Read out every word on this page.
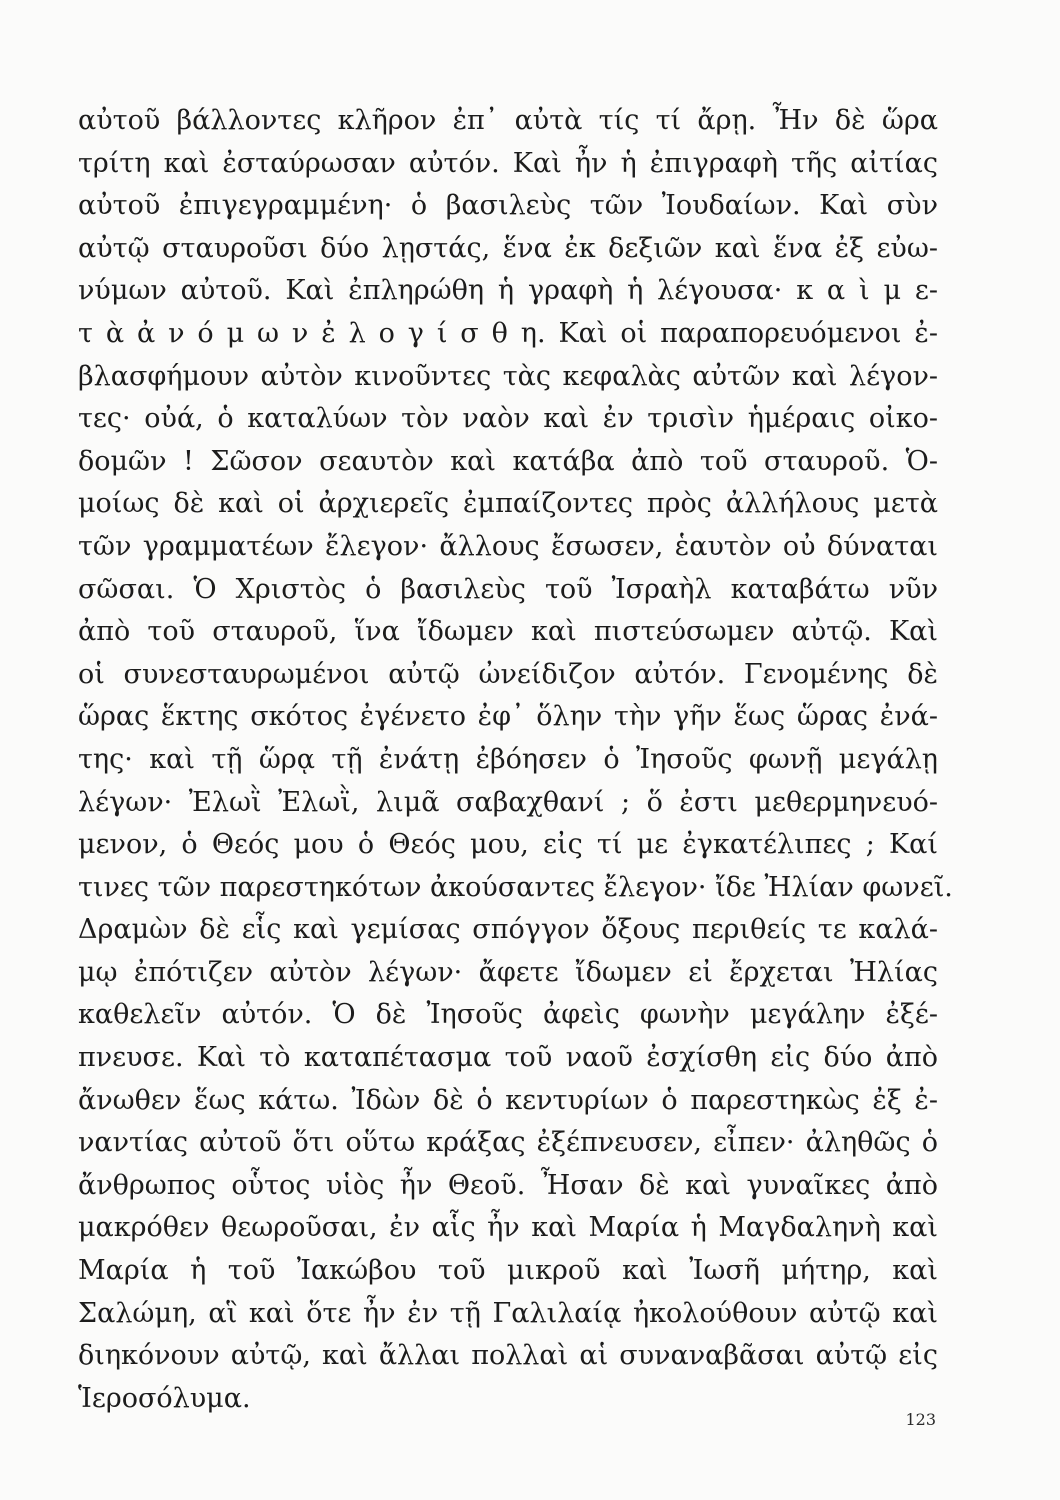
αὐτοῦ βάλλοντες κλῆρον ἐπ᾽ αὐτὰ τίς τί ἄρῃ. Ἦν δὲ ὥρα
τρίτη καὶ ἐσταύρωσαν αὐτόν. Καὶ ἦν ἡ ἐπιγραφὴ τῆς αἰτίας
αὐτοῦ ἐπιγεγραμμένη· ὁ βασιλεὺς τῶν Ἰουδαίων. Καὶ σὺν
αὐτῷ σταυροῦσι δύο λῃστάς, ἕνα ἐκ δεξιῶν καὶ ἕνα ἐξ εὐω-
νύμων αὐτοῦ. Καὶ ἐπληρώθη ἡ γραφὴ ἡ λέγουσα· κ α ὶ μ ε-
τ ὰ ἀ ν ό μ ω ν ἐ λ ο γ ί σ θ η. Καὶ οἱ παραπορευόμενοι ἐ-
βλασφήμουν αὐτὸν κινοῦντες τὰς κεφαλὰς αὐτῶν καὶ λέγον-
τες· οὐά, ὁ καταλύων τὸν ναὸν καὶ ἐν τρισὶν ἡμέραις οἰκο-
δομῶν ! Σῶσον σεαυτὸν καὶ κατάβα ἀπὸ τοῦ σταυροῦ. Ὁ-
μοίως δὲ καὶ οἱ ἀρχιερεῖς ἐμπαίζοντες πρὸς ἀλλήλους μετὰ
τῶν γραμματέων ἔλεγον· ἄλλους ἔσωσεν, ἑαυτὸν οὐ δύναται
σῶσαι. Ὁ Χριστὸς ὁ βασιλεὺς τοῦ Ἰσραὴλ καταβάτω νῦν
ἀπὸ τοῦ σταυροῦ, ἵνα ἴδωμεν καὶ πιστεύσωμεν αὐτῷ. Καὶ
οἱ συνεσταυρωμένοι αὐτῷ ὠνείδιζον αὐτόν. Γενομένης δὲ
ὥρας ἕκτης σκότος ἐγένετο ἐφ᾽ ὅλην τὴν γῆν ἕως ὥρας ἐνά-
της· καὶ τῇ ὥρᾳ τῇ ἐνάτῃ ἐβόησεν ὁ Ἰησοῦς φωνῇ μεγάλῃ
λέγων· Ἐλωῒ Ἐλωῒ, λιμᾶ σαβαχθανί ; ὅ ἐστι μεθερμηνευό-
μενον, ὁ Θεός μου ὁ Θεός μου, εἰς τί με ἐγκατέλιπες ; Καί
τινες τῶν παρεστηκότων ἀκούσαντες ἔλεγον· ἴδε Ἠλίαν φωνεῖ.
Δραμὼν δὲ εἷς καὶ γεμίσας σπόγγον ὄξους περιθείς τε καλά-
μῳ ἐπότιζεν αὐτὸν λέγων· ἄφετε ἴδωμεν εἰ ἔρχεται Ἠλίας
καθελεῖν αὐτόν. Ὁ δὲ Ἰησοῦς ἀφεὶς φωνὴν μεγάλην ἐξέ-
πνευσε. Καὶ τὸ καταπέτασμα τοῦ ναοῦ ἐσχίσθη εἰς δύο ἀπὸ
ἄνωθεν ἕως κάτω. Ἰδὼν δὲ ὁ κεντυρίων ὁ παρεστηκὼς ἐξ ἐ-
ναντίας αὐτοῦ ὅτι οὕτω κράξας ἐξέπνευσεν, εἶπεν· ἀληθῶς ὁ
ἄνθρωπος οὗτος υἱὸς ἦν Θεοῦ. Ἦσαν δὲ καὶ γυναῖκες ἀπὸ
μακρόθεν θεωροῦσαι, ἐν αἷς ἦν καὶ Μαρία ἡ Μαγδαληνὴ καὶ
Μαρία ἡ τοῦ Ἰακώβου τοῦ μικροῦ καὶ Ἰωσῆ μήτηρ, καὶ
Σαλώμη, αἳ καὶ ὅτε ἦν ἐν τῇ Γαλιλαίᾳ ἠκολούθουν αὐτῷ καὶ
διηκόνουν αὐτῷ, καὶ ἄλλαι πολλαὶ αἱ συναναβᾶσαι αὐτῷ εἰς
Ἱεροσόλυμα.
123
